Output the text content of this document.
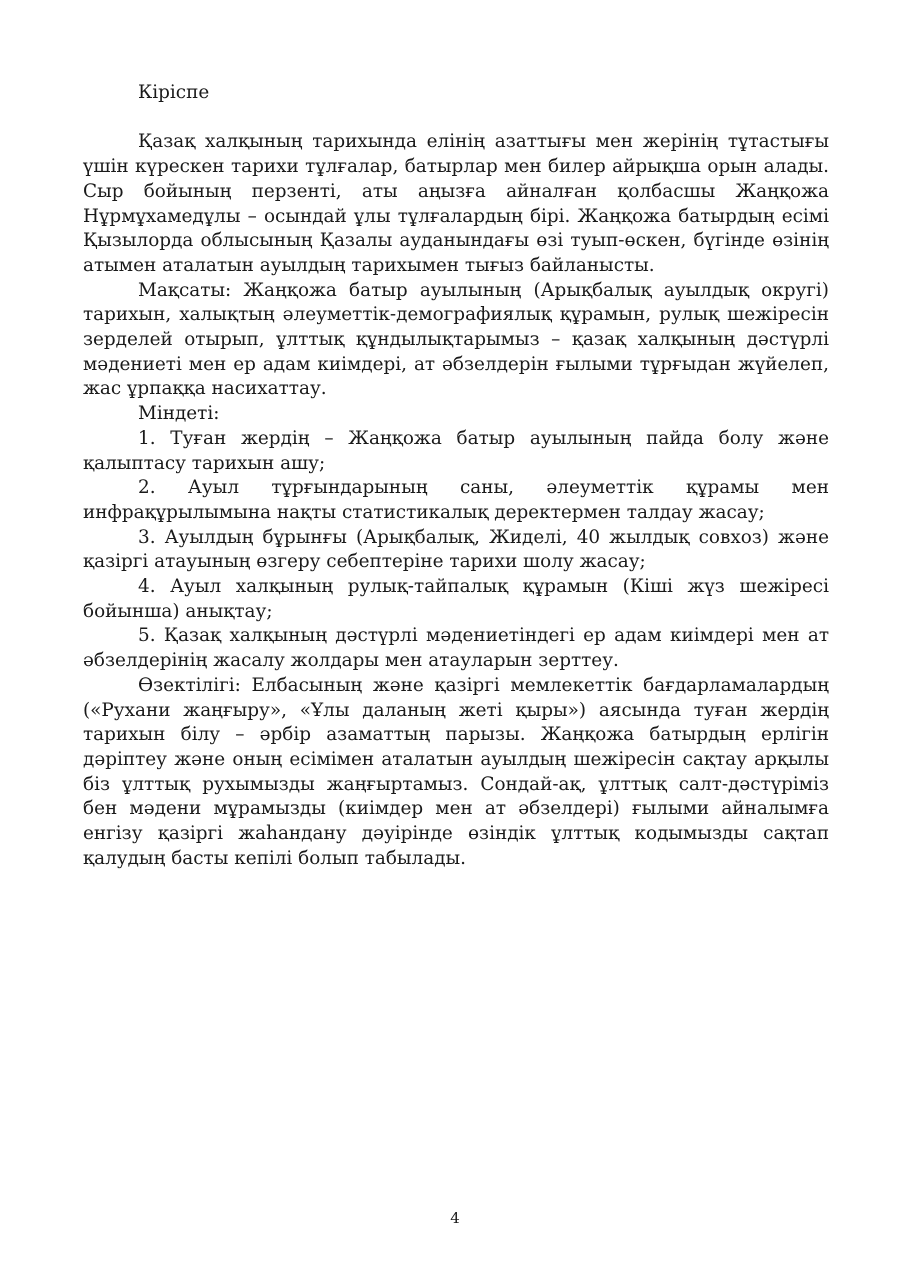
Кіріспе

Қазақ халқының тарихында елінің азаттығы мен жерінің тұтастығы үшін күрескен тарихи тұлғалар, батырлар мен билер айрықша орын алады. Сыр бойының перзенті, аты аңызға айналған қолбасшы Жаңқожа Нұрмұхамедұлы – осындай ұлы тұлғалардың бірі. Жаңқожа батырдың есімі Қызылорда облысының Қазалы ауданындағы өзі туып-өскен, бүгінде өзінің атымен аталатын ауылдың тарихымен тығыз байланысты.

Мақсаты: Жаңқожа батыр ауылының (Арықбалық ауылдық округі) тарихын, халықтың әлеуметтік-демографиялық құрамын, рулық шежіресін зерделей отырып, ұлттық құндылықтарымыз – қазақ халқының дәстүрлі мәдениеті мен ер адам киімдері, ат әбзелдерін ғылыми тұрғыдан жүйелеп, жас ұрпаққа насихаттау.

Міндеті:

1. Туған жердің – Жаңқожа батыр ауылының пайда болу және қалыптасу тарихын ашу;

2. Ауыл тұрғындарының саны, әлеуметтік құрамы мен инфрақұрылымына нақты статистикалық деректермен талдау жасау;

3. Ауылдың бұрынғы (Арықбалық, Жиделі, 40 жылдық совхоз) және қазіргі атауының өзгеру себептеріне тарихи шолу жасау;

4. Ауыл халқының рулық-тайпалық құрамын (Кіші жүз шежіресі бойынша) анықтау;

5. Қазақ халқының дәстүрлі мәдениетіндегі ер адам киімдері мен ат әбзелдерінің жасалу жолдары мен атауларын зерттеу.

Өзектілігі: Елбасының және қазіргі мемлекеттік бағдарламалардың («Рухани жаңғыру», «Ұлы даланың жеті қыры») аясында туған жердің тарихын білу – әрбір азаматтың парызы. Жаңқожа батырдың ерлігін дәріптеу және оның есімімен аталатын ауылдың шежіресін сақтау арқылы біз ұлттық рухымызды жаңғыртамыз. Сондай-ақ, ұлттық салт-дәстүріміз бен мәдени мұрамызды (киімдер мен ат әбзелдері) ғылыми айналымға енгізу қазіргі жаһандану дәуірінде өзіндік ұлттық кодымызды сақтап қалудың басты кепілі болып табылады.

4
